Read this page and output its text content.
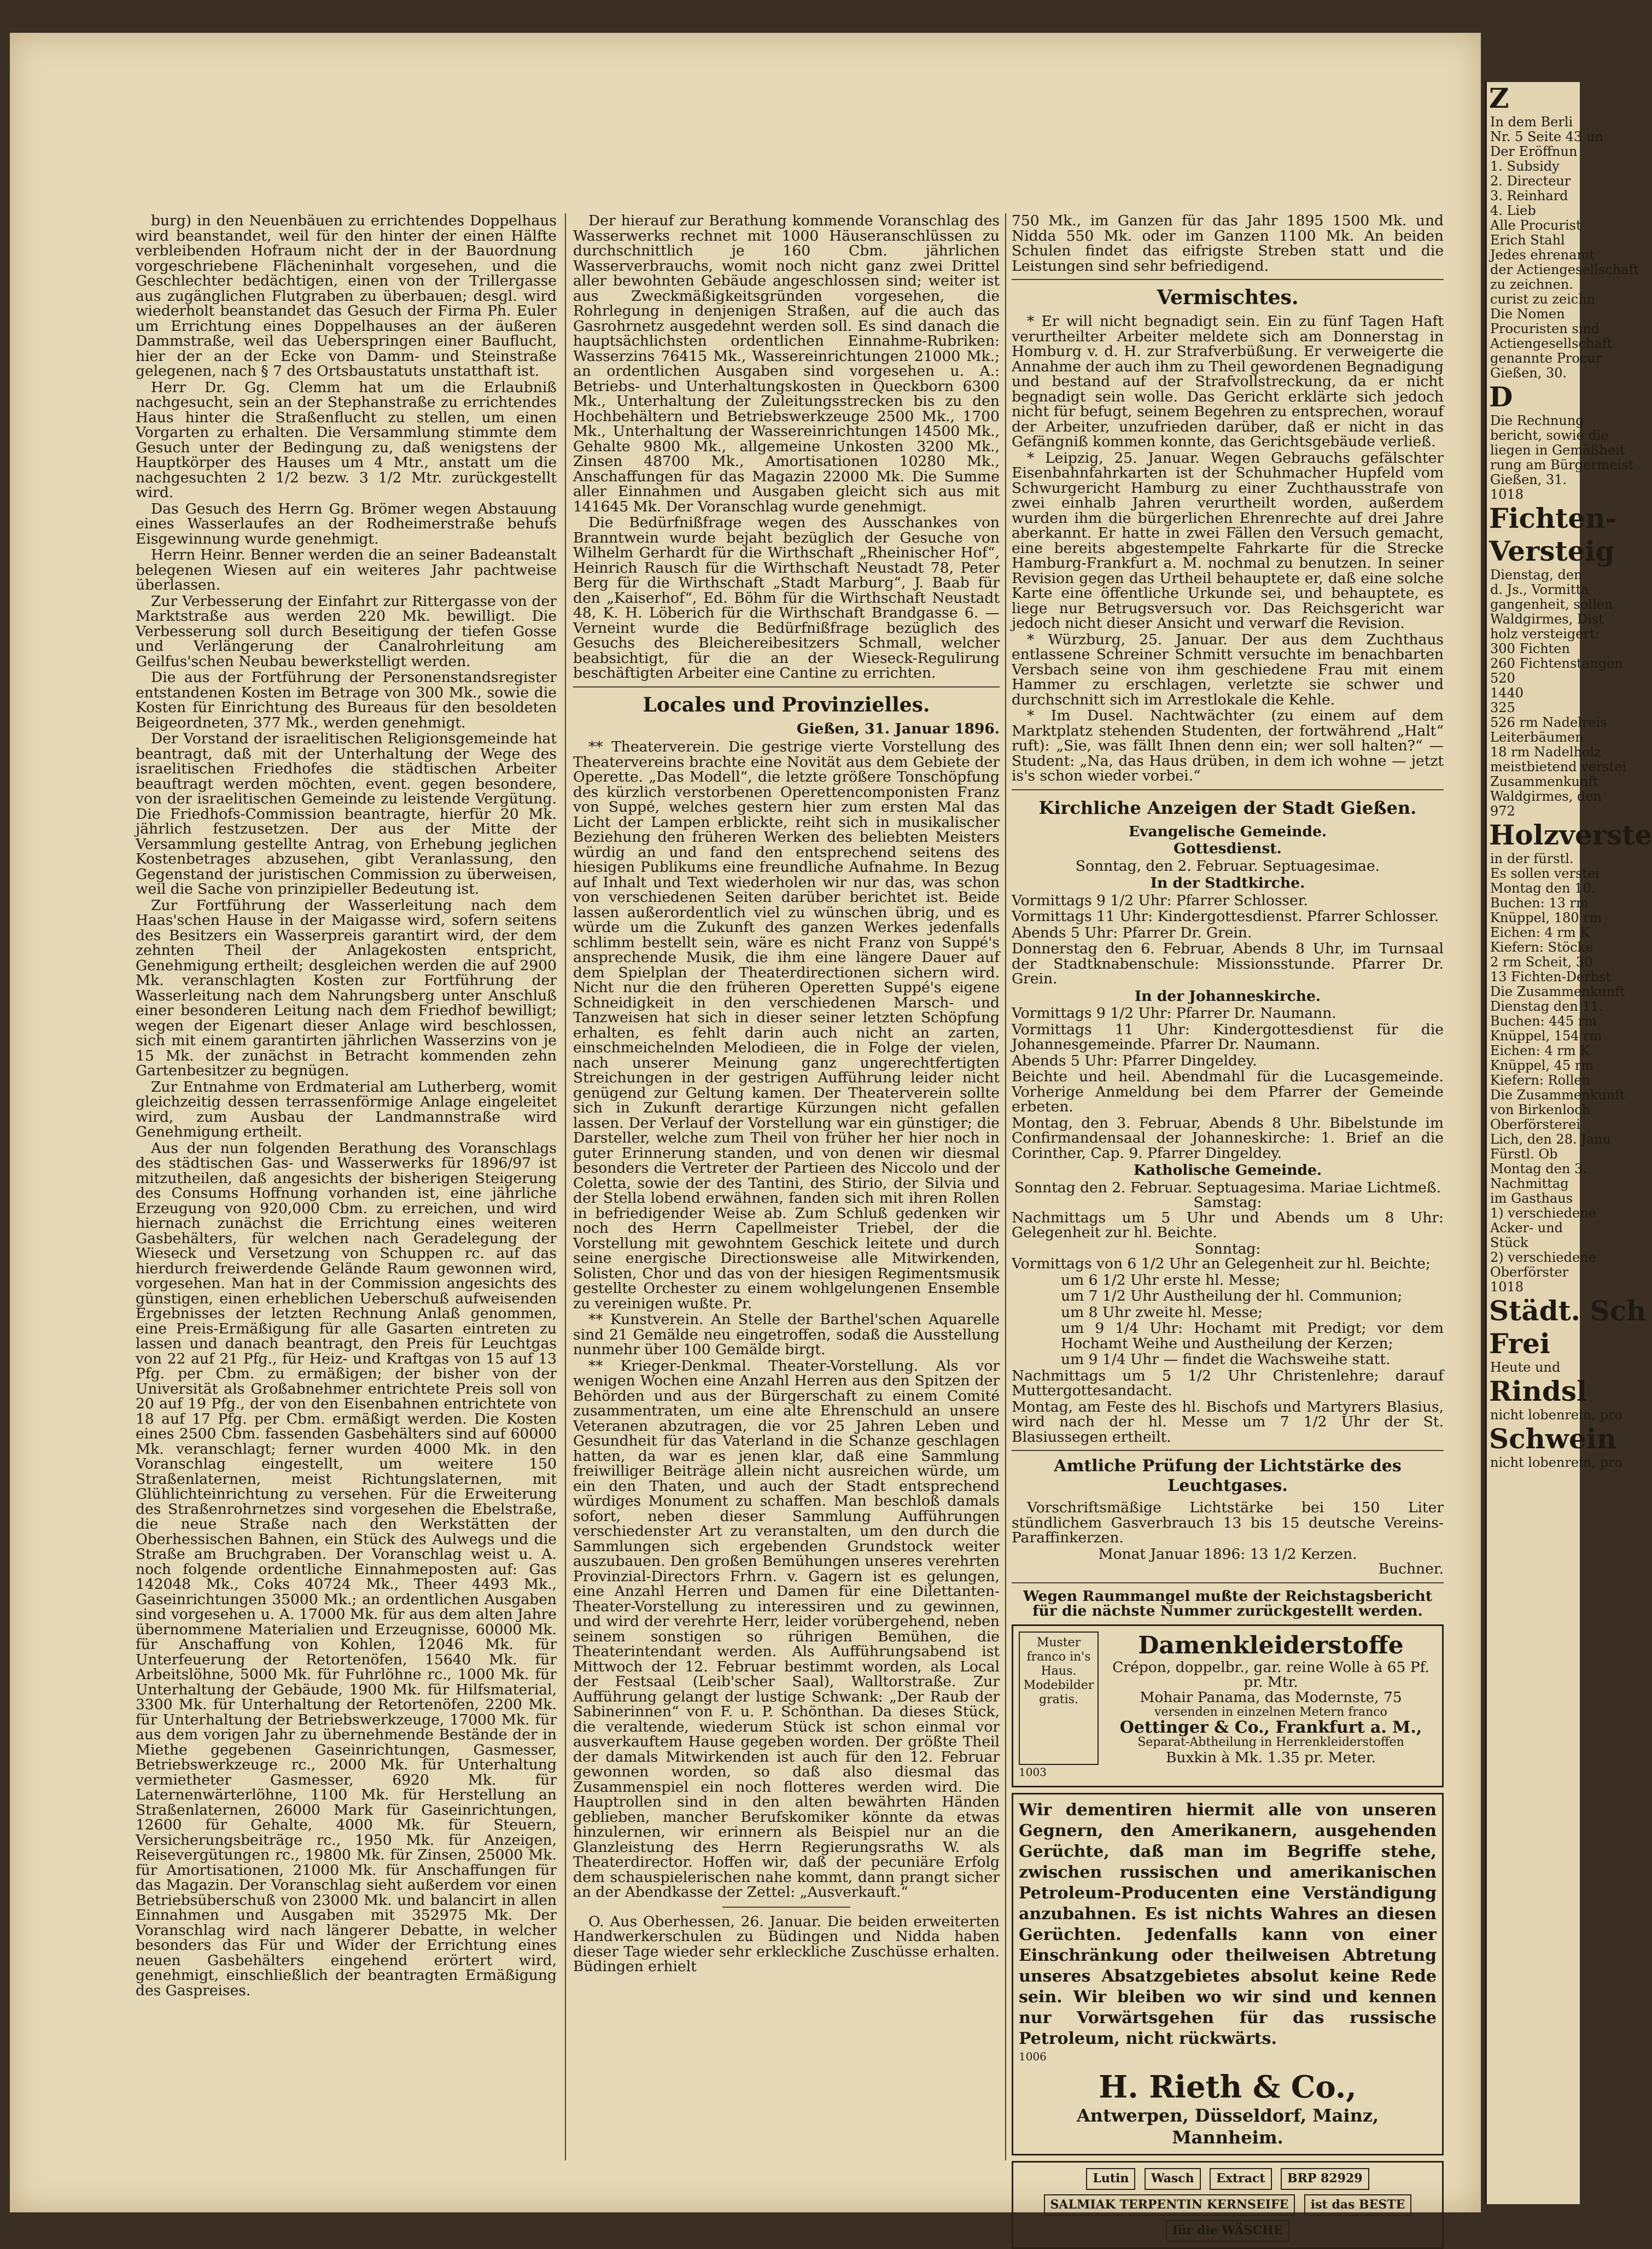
burg) in den Neuenbäuen zu errichtendes Doppelhaus wird beanstandet, weil für den hinter der einen Hälfte verbleibenden Hofraum nicht der in der Bauordnung vorgeschriebene Flächeninhalt vorgesehen, und die Geschlechter bedächtigen, einen von der Trillergasse aus zugänglichen Flutgraben zu überbauen; desgl. wird wiederholt beanstandet das Gesuch der Firma Ph. Euler um Errichtung eines Doppelhauses an der äußeren Dammstraße, weil das Ueberspringen einer Bauflucht, hier der an der Ecke von Damm- und Steinstraße gelegenen, nach § 7 des Ortsbaustatuts unstatthaft ist.

Herr Dr. Gg. Clemm hat um die Erlaubniß nachgesucht, sein an der Stephanstraße zu errichtendes Haus hinter die Straßenflucht zu stellen, um einen Vorgarten zu erhalten. Die Versammlung stimmte dem Gesuch unter der Bedingung zu, daß wenigstens der Hauptkörper des Hauses um 4 Mtr., anstatt um die nachgesuchten 2 1/2 bezw. 3 1/2 Mtr. zurückgestellt wird.

Das Gesuch des Herrn Gg. Brömer wegen Abstauung eines Wasserlaufes an der Rodheimerstraße behufs Eisgewinnung wurde genehmigt.

Herrn Heinr. Benner werden die an seiner Badeanstalt belegenen Wiesen auf ein weiteres Jahr pachtweise überlassen.

Zur Verbesserung der Einfahrt zur Rittergasse von der Marktstraße aus werden 220 Mk. bewilligt. Die Verbesserung soll durch Beseitigung der tiefen Gosse und Verlängerung der Canalrohrleitung am Geilfus'schen Neubau bewerkstelligt werden.

Die aus der Fortführung der Personenstandsregister entstandenen Kosten im Betrage von 300 Mk., sowie die Kosten für Einrichtung des Bureaus für den besoldeten Beigeordneten, 377 Mk., werden genehmigt.

Der Vorstand der israelitischen Religionsgemeinde hat beantragt, daß mit der Unterhaltung der Wege des israelitischen Friedhofes die städtischen Arbeiter beauftragt werden möchten, event. gegen besondere, von der israelitischen Gemeinde zu leistende Vergütung. Die Friedhofs-Commission beantragte, hierfür 20 Mk. jährlich festzusetzen. Der aus der Mitte der Versammlung gestellte Antrag, von Erhebung jeglichen Kostenbetrages abzusehen, gibt Veranlassung, den Gegenstand der juristischen Commission zu überweisen, weil die Sache von prinzipieller Bedeutung ist.

Zur Fortführung der Wasserleitung nach dem Haas'schen Hause in der Maigasse wird, sofern seitens des Besitzers ein Wasserpreis garantirt wird, der dem zehnten Theil der Anlagekosten entspricht, Genehmigung ertheilt; desgleichen werden die auf 2900 Mk. veranschlagten Kosten zur Fortführung der Wasserleitung nach dem Nahrungsberg unter Anschluß einer besonderen Leitung nach dem Friedhof bewilligt; wegen der Eigenart dieser Anlage wird beschlossen, sich mit einem garantirten jährlichen Wasserzins von je 15 Mk. der zunächst in Betracht kommenden zehn Gartenbesitzer zu begnügen.

Zur Entnahme von Erdmaterial am Lutherberg, womit gleichzeitig dessen terrassenförmige Anlage eingeleitet wird, zum Ausbau der Landmannstraße wird Genehmigung ertheilt.

Aus der nun folgenden Berathung des Voranschlags des städtischen Gas- und Wasserwerks für 1896/97 ist mitzutheilen, daß angesichts der bisherigen Steigerung des Consums Hoffnung vorhanden ist, eine jährliche Erzeugung von 920,000 Cbm. zu erreichen, und wird hiernach zunächst die Errichtung eines weiteren Gasbehälters, für welchen nach Geradelegung der Wieseck und Versetzung von Schuppen rc. auf das hierdurch freiwerdende Gelände Raum gewonnen wird, vorgesehen. Man hat in der Commission angesichts des günstigen, einen erheblichen Ueberschuß aufweisenden Ergebnisses der letzten Rechnung Anlaß genommen, eine Preis-Ermäßigung für alle Gasarten eintreten zu lassen und danach beantragt, den Preis für Leuchtgas von 22 auf 21 Pfg., für Heiz- und Kraftgas von 15 auf 13 Pfg. per Cbm. zu ermäßigen; der bisher von der Universität als Großabnehmer entrichtete Preis soll von 20 auf 19 Pfg., der von den Eisenbahnen entrichtete von 18 auf 17 Pfg. per Cbm. ermäßigt werden. Die Kosten eines 2500 Cbm. fassenden Gasbehälters sind auf 60000 Mk. veranschlagt; ferner wurden 4000 Mk. in den Voranschlag eingestellt, um weitere 150 Straßenlaternen, meist Richtungslaternen, mit Glühlichteinrichtung zu versehen. Für die Erweiterung des Straßenrohrnetzes sind vorgesehen die Ebelstraße, die neue Straße nach den Werkstätten der Oberhessischen Bahnen, ein Stück des Aulwegs und die Straße am Bruchgraben. Der Voranschlag weist u. A. noch folgende ordentliche Einnahmeposten auf: Gas 142048 Mk., Coks 40724 Mk., Theer 4493 Mk., Gaseinrichtungen 35000 Mk.; an ordentlichen Ausgaben sind vorgesehen u. A. 17000 Mk. für aus dem alten Jahre übernommene Materialien und Erzeugnisse, 60000 Mk. für Anschaffung von Kohlen, 12046 Mk. für Unterfeuerung der Retortenöfen, 15640 Mk. für Arbeitslöhne, 5000 Mk. für Fuhrlöhne rc., 1000 Mk. für Unterhaltung der Gebäude, 1900 Mk. für Hilfsmaterial, 3300 Mk. für Unterhaltung der Retortenöfen, 2200 Mk. für Unterhaltung der Betriebswerkzeuge, 17000 Mk. für aus dem vorigen Jahr zu übernehmende Bestände der in Miethe gegebenen Gaseinrichtungen, Gasmesser, Betriebswerkzeuge rc., 2000 Mk. für Unterhaltung vermietheter Gasmesser, 6920 Mk. für Laternenwärterlöhne, 1100 Mk. für Herstellung an Straßenlaternen, 26000 Mark für Gaseinrichtungen, 12600 für Gehalte, 4000 Mk. für Steuern, Versicherungsbeiträge rc., 1950 Mk. für Anzeigen, Reisevergütungen rc., 19800 Mk. für Zinsen, 25000 Mk. für Amortisationen, 21000 Mk. für Anschaffungen für das Magazin. Der Voranschlag sieht außerdem vor einen Betriebsüberschuß von 23000 Mk. und balancirt in allen Einnahmen und Ausgaben mit 352975 Mk. Der Voranschlag wird nach längerer Debatte, in welcher besonders das Für und Wider der Errichtung eines neuen Gasbehälters eingehend erörtert wird, genehmigt, einschließlich der beantragten Ermäßigung des Gaspreises.

Der hierauf zur Berathung kommende Voranschlag des Wasserwerks rechnet mit 1000 Häuseranschlüssen zu durchschnittlich je 160 Cbm. jährlichen Wasserverbrauchs, womit noch nicht ganz zwei Drittel aller bewohnten Gebäude angeschlossen sind; weiter ist aus Zweckmäßigkeitsgründen vorgesehen, die Rohrlegung in denjenigen Straßen, auf die auch das Gasrohrnetz ausgedehnt werden soll. Es sind danach die hauptsächlichsten ordentlichen Einnahme-Rubriken: Wasserzins 76415 Mk., Wassereinrichtungen 21000 Mk.; an ordentlichen Ausgaben sind vorgesehen u. A.: Betriebs- und Unterhaltungskosten in Queckborn 6300 Mk., Unterhaltung der Zuleitungsstrecken bis zu den Hochbehältern und Betriebswerkzeuge 2500 Mk., 1700 Mk., Unterhaltung der Wassereinrichtungen 14500 Mk., Gehalte 9800 Mk., allgemeine Unkosten 3200 Mk., Zinsen 48700 Mk., Amortisationen 10280 Mk., Anschaffungen für das Magazin 22000 Mk. Die Summe aller Einnahmen und Ausgaben gleicht sich aus mit 141645 Mk. Der Voranschlag wurde genehmigt.

Die Bedürfnißfrage wegen des Ausschankes von Branntwein wurde bejaht bezüglich der Gesuche von Wilhelm Gerhardt für die Wirthschaft „Rheinischer Hof“, Heinrich Rausch für die Wirthschaft Neustadt 78, Peter Berg für die Wirthschaft „Stadt Marburg“, J. Baab für den „Kaiserhof“, Ed. Böhm für die Wirthschaft Neustadt 48, K. H. Löberich für die Wirthschaft Brandgasse 6. — Verneint wurde die Bedürfnißfrage bezüglich des Gesuchs des Bleichereibesitzers Schmall, welcher beabsichtigt, für die an der Wieseck-Regulirung beschäftigten Arbeiter eine Cantine zu errichten.

Locales und Provinzielles.
Gießen, 31. Januar 1896.

** Theaterverein. Die gestrige vierte Vorstellung des Theatervereins brachte eine Novität aus dem Gebiete der Operette. „Das Modell“, die letzte größere Tonschöpfung des kürzlich verstorbenen Operettencomponisten Franz von Suppé, welches gestern hier zum ersten Mal das Licht der Lampen erblickte, reiht sich in musikalischer Beziehung den früheren Werken des beliebten Meisters würdig an und fand den entsprechend seitens des hiesigen Publikums eine freundliche Aufnahme. In Bezug auf Inhalt und Text wiederholen wir nur das, was schon von verschiedenen Seiten darüber berichtet ist. Beide lassen außerordentlich viel zu wünschen übrig, und es würde um die Zukunft des ganzen Werkes jedenfalls schlimm bestellt sein, wäre es nicht Franz von Suppé's ansprechende Musik, die ihm eine längere Dauer auf dem Spielplan der Theaterdirectionen sichern wird. Nicht nur die den früheren Operetten Suppé's eigene Schneidigkeit in den verschiedenen Marsch- und Tanzweisen hat sich in dieser seiner letzten Schöpfung erhalten, es fehlt darin auch nicht an zarten, einschmeichelnden Melodieen, die in Folge der vielen, nach unserer Meinung ganz ungerechtfertigten Streichungen in der gestrigen Aufführung leider nicht genügend zur Geltung kamen. Der Theaterverein sollte sich in Zukunft derartige Kürzungen nicht gefallen lassen. Der Verlauf der Vorstellung war ein günstiger; die Darsteller, welche zum Theil von früher her hier noch in guter Erinnerung standen, und von denen wir diesmal besonders die Vertreter der Partieen des Niccolo und der Coletta, sowie der des Tantini, des Stirio, der Silvia und der Stella lobend erwähnen, fanden sich mit ihren Rollen in befriedigender Weise ab. Zum Schluß gedenken wir noch des Herrn Capellmeister Triebel, der die Vorstellung mit gewohntem Geschick leitete und durch seine energische Directionsweise alle Mitwirkenden, Solisten, Chor und das von der hiesigen Regimentsmusik gestellte Orchester zu einem wohlgelungenen Ensemble zu vereinigen wußte. Pr.

** Kunstverein. An Stelle der Barthel'schen Aquarelle sind 21 Gemälde neu eingetroffen, sodaß die Ausstellung nunmehr über 100 Gemälde birgt.

** Krieger-Denkmal. Theater-Vorstellung. Als vor wenigen Wochen eine Anzahl Herren aus den Spitzen der Behörden und aus der Bürgerschaft zu einem Comité zusammentraten, um eine alte Ehrenschuld an unsere Veteranen abzutragen, die vor 25 Jahren Leben und Gesundheit für das Vaterland in die Schanze geschlagen hatten, da war es jenen klar, daß eine Sammlung freiwilliger Beiträge allein nicht ausreichen würde, um ein den Thaten, und auch der Stadt entsprechend würdiges Monument zu schaffen. Man beschloß damals sofort, neben dieser Sammlung Aufführungen verschiedenster Art zu veranstalten, um den durch die Sammlungen sich ergebenden Grundstock weiter auszubauen. Den großen Bemühungen unseres verehrten Provinzial-Directors Frhrn. v. Gagern ist es gelungen, eine Anzahl Herren und Damen für eine Dilettanten-Theater-Vorstellung zu interessiren und zu gewinnen, und wird der verehrte Herr, leider vorübergehend, neben seinem sonstigen so rührigen Bemühen, die Theaterintendant werden. Als Aufführungsabend ist Mittwoch der 12. Februar bestimmt worden, als Local der Festsaal (Leib'scher Saal), Walltorstraße. Zur Aufführung gelangt der lustige Schwank: „Der Raub der Sabinerinnen“ von F. u. P. Schönthan. Da dieses Stück, die veraltende, wiederum Stück ist schon einmal vor ausverkauftem Hause gegeben worden. Der größte Theil der damals Mitwirkenden ist auch für den 12. Februar gewonnen worden, so daß also diesmal das Zusammenspiel ein noch flotteres werden wird. Die Hauptrollen sind in den alten bewährten Händen geblieben, mancher Berufskomiker könnte da etwas hinzulernen, wir erinnern als Beispiel nur an die Glanzleistung des Herrn Regierungsraths W. als Theaterdirector. Hoffen wir, daß der pecuniäre Erfolg dem schauspielerischen nahe kommt, dann prangt sicher an der Abendkasse der Zettel: „Ausverkauft.“

O. Aus Oberhessen, 26. Januar. Die beiden erweiterten Handwerkerschulen zu Büdingen und Nidda haben dieser Tage wieder sehr erkleckliche Zuschüsse erhalten. Büdingen erhielt

750 Mk., im Ganzen für das Jahr 1895 1500 Mk. und Nidda 550 Mk. oder im Ganzen 1100 Mk. An beiden Schulen findet das eifrigste Streben statt und die Leistungen sind sehr befriedigend.

Vermischtes.

* Er will nicht begnadigt sein. Ein zu fünf Tagen Haft verurtheilter Arbeiter meldete sich am Donnerstag in Homburg v. d. H. zur Strafverbüßung. Er verweigerte die Annahme der auch ihm zu Theil gewordenen Begnadigung und bestand auf der Strafvollstreckung, da er nicht begnadigt sein wolle. Das Gericht erklärte sich jedoch nicht für befugt, seinem Begehren zu entsprechen, worauf der Arbeiter, unzufrieden darüber, daß er nicht in das Gefängniß kommen konnte, das Gerichtsgebäude verließ.

* Leipzig, 25. Januar. Wegen Gebrauchs gefälschter Eisenbahnfahrkarten ist der Schuhmacher Hupfeld vom Schwurgericht Hamburg zu einer Zuchthausstrafe von zwei einhalb Jahren verurtheilt worden, außerdem wurden ihm die bürgerlichen Ehrenrechte auf drei Jahre aberkannt. Er hatte in zwei Fällen den Versuch gemacht, eine bereits abgestempelte Fahrkarte für die Strecke Hamburg-Frankfurt a. M. nochmal zu benutzen. In seiner Revision gegen das Urtheil behauptete er, daß eine solche Karte eine öffentliche Urkunde sei, und behauptete, es liege nur Betrugsversuch vor. Das Reichsgericht war jedoch nicht dieser Ansicht und verwarf die Revision.

* Würzburg, 25. Januar. Der aus dem Zuchthaus entlassene Schreiner Schmitt versuchte im benachbarten Versbach seine von ihm geschiedene Frau mit einem Hammer zu erschlagen, verletzte sie schwer und durchschnitt sich im Arrestlokale die Kehle.

* Im Dusel. Nachtwächter (zu einem auf dem Marktplatz stehenden Studenten, der fortwährend „Halt“ ruft): „Sie, was fällt Ihnen denn ein; wer soll halten?“ — Student: „Na, das Haus drüben, in dem ich wohne — jetzt is's schon wieder vorbei.“

Kirchliche Anzeigen der Stadt Gießen.
Evangelische Gemeinde.
Gottesdienst.
Sonntag, den 2. Februar. Septuagesimae.
In der Stadtkirche.

Vormittags 9 1/2 Uhr: Pfarrer Schlosser.

Vormittags 11 Uhr: Kindergottesdienst. Pfarrer Schlosser.

Abends 5 Uhr: Pfarrer Dr. Grein.

Donnerstag den 6. Februar, Abends 8 Uhr, im Turnsaal der Stadtknabenschule: Missionsstunde. Pfarrer Dr. Grein.

In der Johanneskirche.

Vormittags 9 1/2 Uhr: Pfarrer Dr. Naumann.

Vormittags 11 Uhr: Kindergottesdienst für die Johannesgemeinde. Pfarrer Dr. Naumann.

Abends 5 Uhr: Pfarrer Dingeldey.

Beichte und heil. Abendmahl für die Lucasgemeinde. Vorherige Anmeldung bei dem Pfarrer der Gemeinde erbeten.

Montag, den 3. Februar, Abends 8 Uhr. Bibelstunde im Confirmandensaal der Johanneskirche: 1. Brief an die Corinther, Cap. 9. Pfarrer Dingeldey.

Katholische Gemeinde.
Sonntag den 2. Februar. Septuagesima. Mariae Lichtmeß.
Samstag:

Nachmittags um 5 Uhr und Abends um 8 Uhr: Gelegenheit zur hl. Beichte.

Sonntag:

Vormittags von 6 1/2 Uhr an Gelegenheit zur hl. Beichte;

um 6 1/2 Uhr erste hl. Messe;

um 7 1/2 Uhr Austheilung der hl. Communion;

um 8 Uhr zweite hl. Messe;

um 9 1/4 Uhr: Hochamt mit Predigt; vor dem Hochamt Weihe und Austheilung der Kerzen;

um 9 1/4 Uhr — findet die Wachsweihe statt.

Nachmittags um 5 1/2 Uhr Christenlehre; darauf Muttergottesandacht.

Montag, am Feste des hl. Bischofs und Martyrers Blasius, wird nach der hl. Messe um 7 1/2 Uhr der St. Blasiussegen ertheilt.

Amtliche Prüfung der Lichtstärke des Leuchtgases.

Vorschriftsmäßige Lichtstärke bei 150 Liter stündlichem Gasverbrauch 13 bis 15 deutsche Vereins-Paraffinkerzen.

Monat Januar 1896: 13 1/2 Kerzen.
Buchner.
Wegen Raummangel mußte der Reichstagsbericht für die nächste Nummer zurückgestellt werden.
Muster franco in's Haus. Modebilder gratis.
Damenkleiderstoffe
Crépon, doppelbr., gar. reine Wolle à 65 Pf. pr. Mtr.
Mohair Panama, das Modernste, 75
versenden in einzelnen Metern franco
Oettinger & Co., Frankfurt a. M.,
Separat-Abtheilung in Herrenkleiderstoffen
Buxkin à Mk. 1.35 pr. Meter.
1003
Wir dementiren hiermit alle von unseren Gegnern, den Amerikanern, ausgehenden Gerüchte, daß man im Begriffe stehe, zwischen russischen und amerikanischen Petroleum-Producenten eine Verständigung anzubahnen. Es ist nichts Wahres an diesen Gerüchten. Jedenfalls kann von einer Einschränkung oder theilweisen Abtretung unseres Absatzgebietes absolut keine Rede sein. Wir bleiben wo wir sind und kennen nur Vorwärtsgehen für das russische Petroleum, nicht rückwärts.
1006
H. Rieth & Co.,
Antwerpen, Düsseldorf, Mainz, Mannheim.
Lutin Wasch Extract BRP 82929 SALMIAK TERPENTIN KERNSEIFE ist das BESTE für die WÄSCHE
Z
In dem Berli
Nr. 5 Seite 43 un
Der Eröffnun
1. Subsidy
2. Directeur
3. Reinhard
4. Lieb
Alle Procurist
Erich Stahl
Jedes ehrenamt
der Actiengesellschaft
zu zeichnen.
curist zu zeichn
Die Nomen
Procuristen sind
Actiengesellschaft
genannte Procur
Gießen, 30.
D
Die Rechnung
bericht, sowie die
liegen in Gemäßheit
rung am Bürgermeist
Gießen, 31.
1018
Fichten-
Versteig
Dienstag, den
d. Js., Vormitta
gangenheit, sollen
Waldgirmes, Dist
holz versteigert:
300 Fichten
260 Fichtenstangen
520
1440
325
526 rm Nadelreis
Leiterbäumen
18 rm Nadelholz
meistbietend verstei
Zusammenkunft
Waldgirmes, den
972
Holzverste
in der fürstl.
Es sollen verstei
Montag den 10.
Buchen: 13 rm
Knüppel, 180 rm
Eichen: 4 rm K
Kiefern: Stöcke
2 rm Scheit, 30
13 Fichten-Derbst
Die Zusammenkunft
Dienstag den 11.
Buchen: 445 rm
Knüppel, 154 rm
Eichen: 4 rm K
Knüppel, 45 rm
Kiefern: Rollen
Die Zusammenkunft
von Birkenloch
Oberförsterei
Lich, den 28. Janu
Fürstl. Ob
Montag den 3.
Nachmittag
im Gasthaus
1) verschiedene
Acker- und
Stück
2) verschiedene
Oberförster
1018
Städt. Sch
Frei
Heute und
Rindsl
nicht lobenrein, pro
Schwein
nicht lobenrein, pro
